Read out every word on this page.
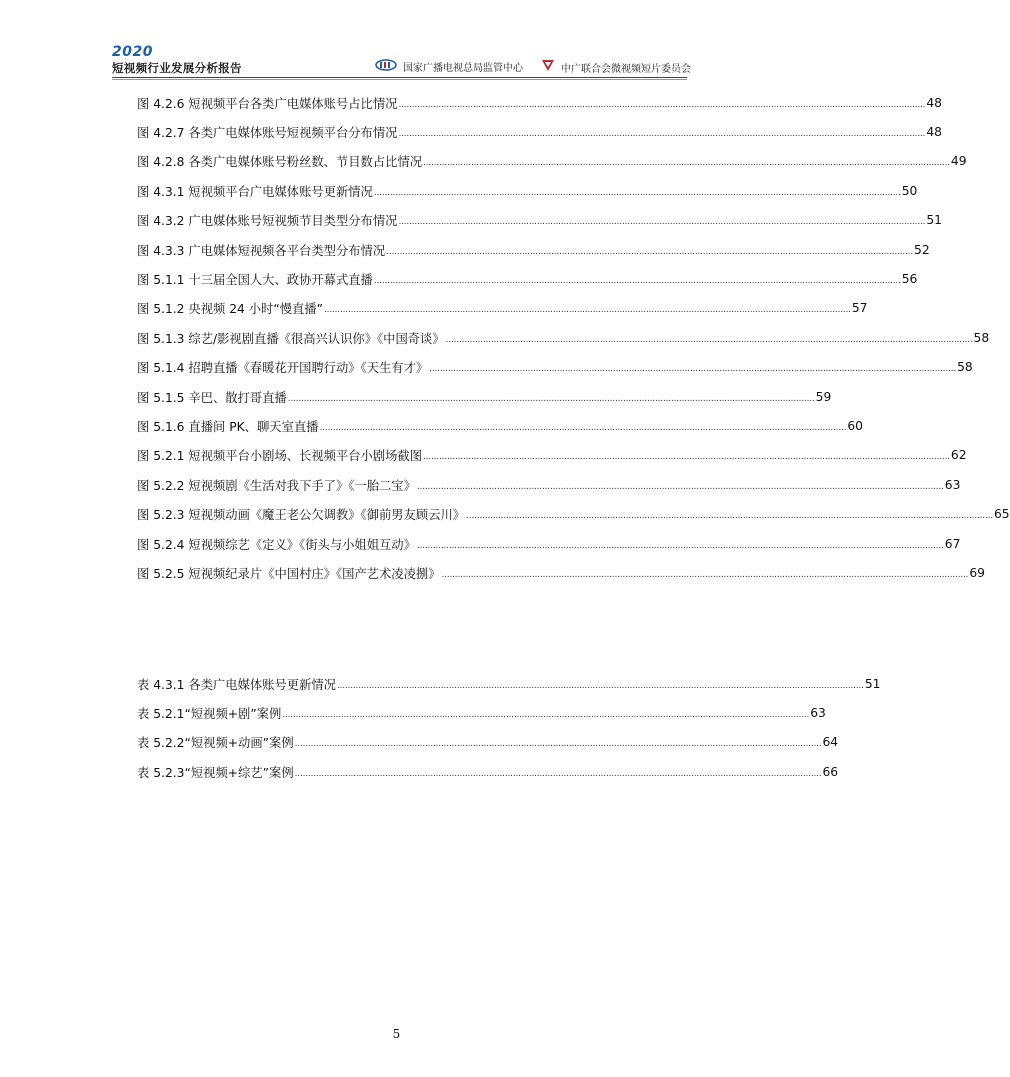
2020
短视频行业发展分析报告	国家广播电视总局监管中心	中广联合会微视频短片委员会
图 4.2.6 短视频平台各类广电媒体账号占比情况 ...................................................................................................................................................................................................... 48
图 4.2.7 各类广电媒体账号短视频平台分布情况 ...................................................................................................................................................................................................... 48
图 4.2.8 各类广电媒体账号粉丝数、节目数占比情况 ...................................................................................................................................................................................................... 49
图 4.3.1 短视频平台广电媒体账号更新情况 ...................................................................................................................................................................................................... 50
图 4.3.2 广电媒体账号短视频节目类型分布情况 ...................................................................................................................................................................................................... 51
图 4.3.3 广电媒体短视频各平台类型分布情况 ...................................................................................................................................................................................................... 52
图 5.1.1 十三届全国人大、政协开幕式直播 ...................................................................................................................................................................................................... 56
图 5.1.2 央视频 24 小时“慢直播” ...................................................................................................................................................................................................... 57
图 5.1.3 综艺/影视剧直播《很高兴认识你》《中国奇谈》 ...................................................................................................................................................................................................... 58
图 5.1.4 招聘直播《春暖花开国聘行动》《天生有才》 ...................................................................................................................................................................................................... 58
图 5.1.5 辛巴、散打哥直播 ...................................................................................................................................................................................................... 59
图 5.1.6 直播间 PK、聊天室直播 ...................................................................................................................................................................................................... 60
图 5.2.1 短视频平台小剧场、长视频平台小剧场截图 ...................................................................................................................................................................................................... 62
图 5.2.2 短视频剧《生活对我下手了》《一胎二宝》 ...................................................................................................................................................................................................... 63
图 5.2.3 短视频动画《魔王老公欠调教》《御前男友顾云川》 ...................................................................................................................................................................................................... 65
图 5.2.4 短视频综艺《定义》《街头与小姐姐互动》 ...................................................................................................................................................................................................... 67
图 5.2.5 短视频纪录片《中国村庄》《国产艺术凌凌捌》 ...................................................................................................................................................................................................... 69
表 4.3.1 各类广电媒体账号更新情况 ...................................................................................................................................................................................................... 51
表 5.2.1“短视频+剧”案例 ...................................................................................................................................................................................................... 63
表 5.2.2“短视频+动画”案例 ...................................................................................................................................................................................................... 64
表 5.2.3“短视频+综艺”案例 ...................................................................................................................................................................................................... 66
5
